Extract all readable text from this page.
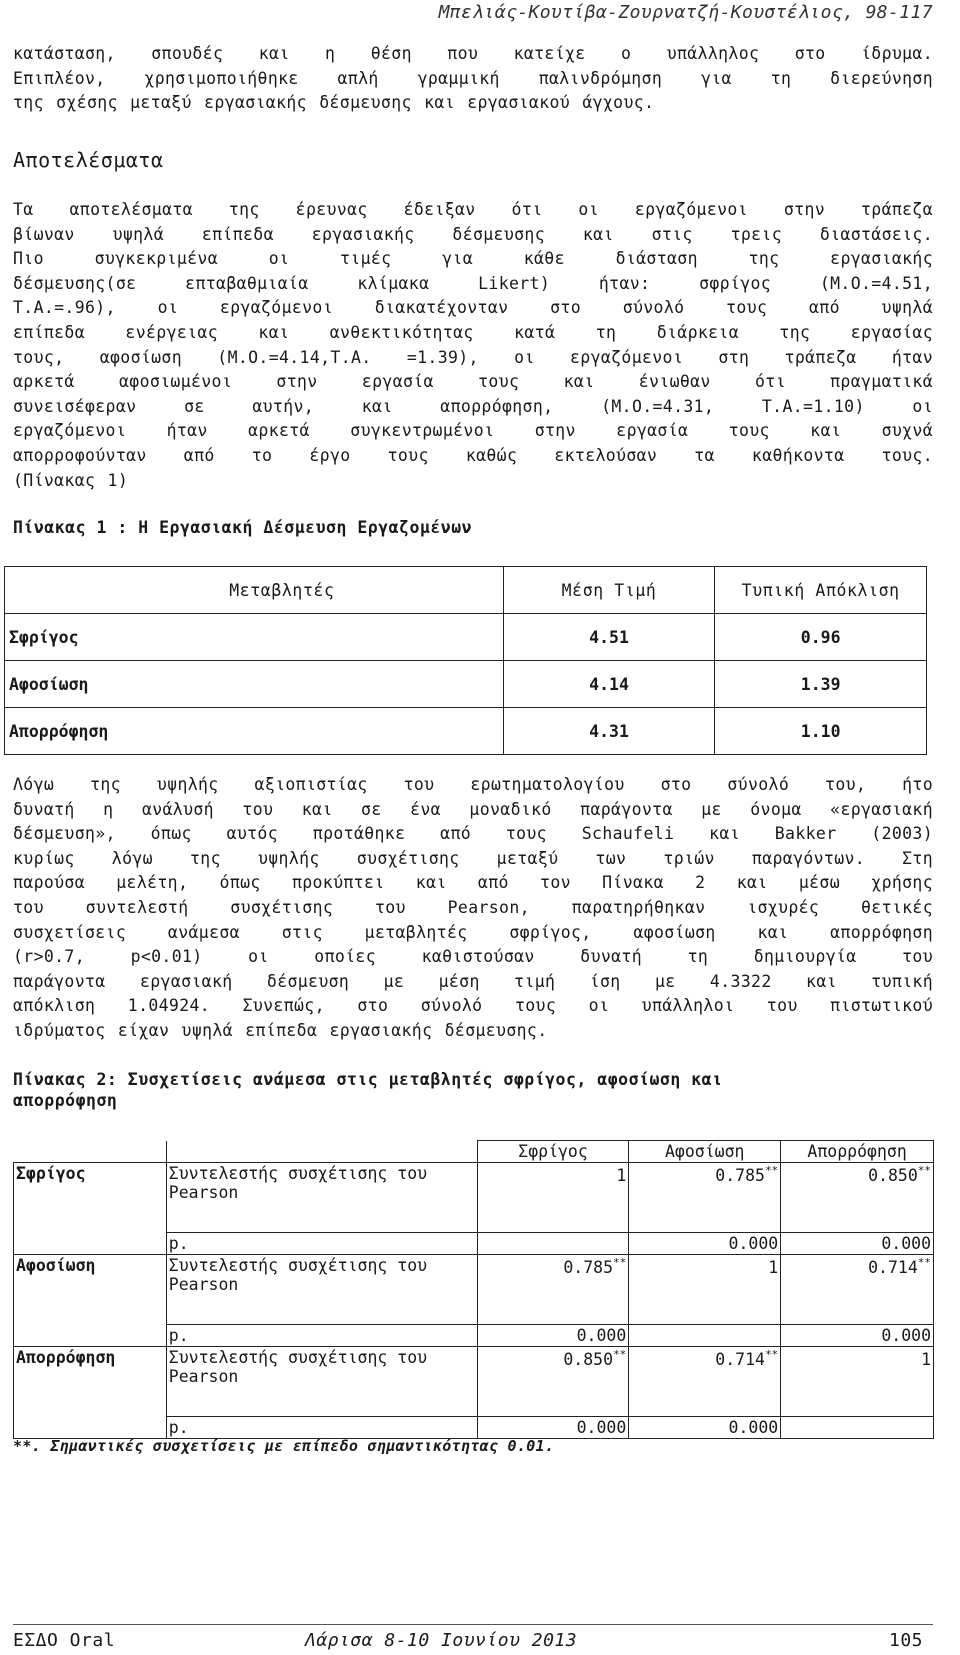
Μπελιάς-Κουτίβα-Ζουρνατζή-Κουστέλιος, 98-117
κατάσταση, σπουδές και η θέση που κατείχε ο υπάλληλος στο ίδρυμα.
Επιπλέον, χρησιμοποιήθηκε απλή γραμμική παλινδρόμηση για τη διερεύνηση
της σχέσης μεταξύ εργασιακής δέσμευσης και εργασιακού άγχους.
Αποτελέσματα
Τα αποτελέσματα της έρευνας έδειξαν ότι οι εργαζόμενοι στην τράπεζα
βίωναν υψηλά επίπεδα εργασιακής δέσμευσης και στις τρεις διαστάσεις.
Πιο συγκεκριμένα οι τιμές για κάθε διάσταση της εργασιακής
δέσμευσης(σε επταβαθμιαία κλίμακα Likert) ήταν: σφρίγος (Μ.Ο.=4.51,
Τ.Α.=.96), οι εργαζόμενοι διακατέχονταν στο σύνολό τους από υψηλά
επίπεδα ενέργειας και ανθεκτικότητας κατά τη διάρκεια της εργασίας
τους, αφοσίωση (Μ.Ο.=4.14,Τ.Α. =1.39), οι εργαζόμενοι στη τράπεζα ήταν
αρκετά αφοσιωμένοι στην εργασία τους και ένιωθαν ότι πραγματικά
συνεισέφεραν σε αυτήν, και απορρόφηση, (Μ.Ο.=4.31, Τ.Α.=1.10) οι
εργαζόμενοι ήταν αρκετά συγκεντρωμένοι στην εργασία τους και συχνά
απορροφούνταν από το έργο τους καθώς εκτελούσαν τα καθήκοντα τους.
(Πίνακας 1)
Πίνακας 1 : Η Εργασιακή Δέσμευση Εργαζομένων
Μεταβλητές	Μέση Τιμή	Τυπική Απόκλιση
Σφρίγος	4.51	0.96
Αφοσίωση	4.14	1.39
Απορρόφηση	4.31	1.10
Λόγω της υψηλής αξιοπιστίας του ερωτηματολογίου στο σύνολό του, ήτο
δυνατή η ανάλυσή του και σε ένα μοναδικό παράγοντα με όνομα «εργασιακή
δέσμευση», όπως αυτός προτάθηκε από τους Schaufeli και Bakker (2003)
κυρίως λόγω της υψηλής συσχέτισης μεταξύ των τριών παραγόντων. Στη
παρούσα μελέτη, όπως προκύπτει και από τον Πίνακα 2 και μέσω χρήσης
του συντελεστή συσχέτισης του Pearson, παρατηρήθηκαν ισχυρές θετικές
συσχετίσεις ανάμεσα στις μεταβλητές σφρίγος, αφοσίωση και απορρόφηση
(r>0.7, p<0.01) οι οποίες καθιστούσαν δυνατή τη δημιουργία του
παράγοντα εργασιακή δέσμευση με μέση τιμή ίση με 4.3322 και τυπική
απόκλιση 1.04924. Συνεπώς, στο σύνολό τους οι υπάλληλοι του πιστωτικού
ιδρύματος είχαν υψηλά επίπεδα εργασιακής δέσμευσης.
Πίνακας 2: Συσχετίσεις ανάμεσα στις μεταβλητές σφρίγος, αφοσίωση και
απορρόφηση
		Σφρίγος	Αφοσίωση	Απορρόφηση
Σφρίγος	Συντελεστής συσχέτισης του Pearson	1	0.785**	0.850**
	p.		0.000	0.000
Αφοσίωση	Συντελεστής συσχέτισης του Pearson	0.785**	1	0.714**
	p.	0.000		0.000
Απορρόφηση	Συντελεστής συσχέτισης του Pearson	0.850**	0.714**	1
	p.	0.000	0.000	
**. Σημαντικές συσχετίσεις με επίπεδο σημαντικότητας 0.01.
ΕΣΔΟ Oral	Λάρισα 8-10 Ιουνίου 2013	105
